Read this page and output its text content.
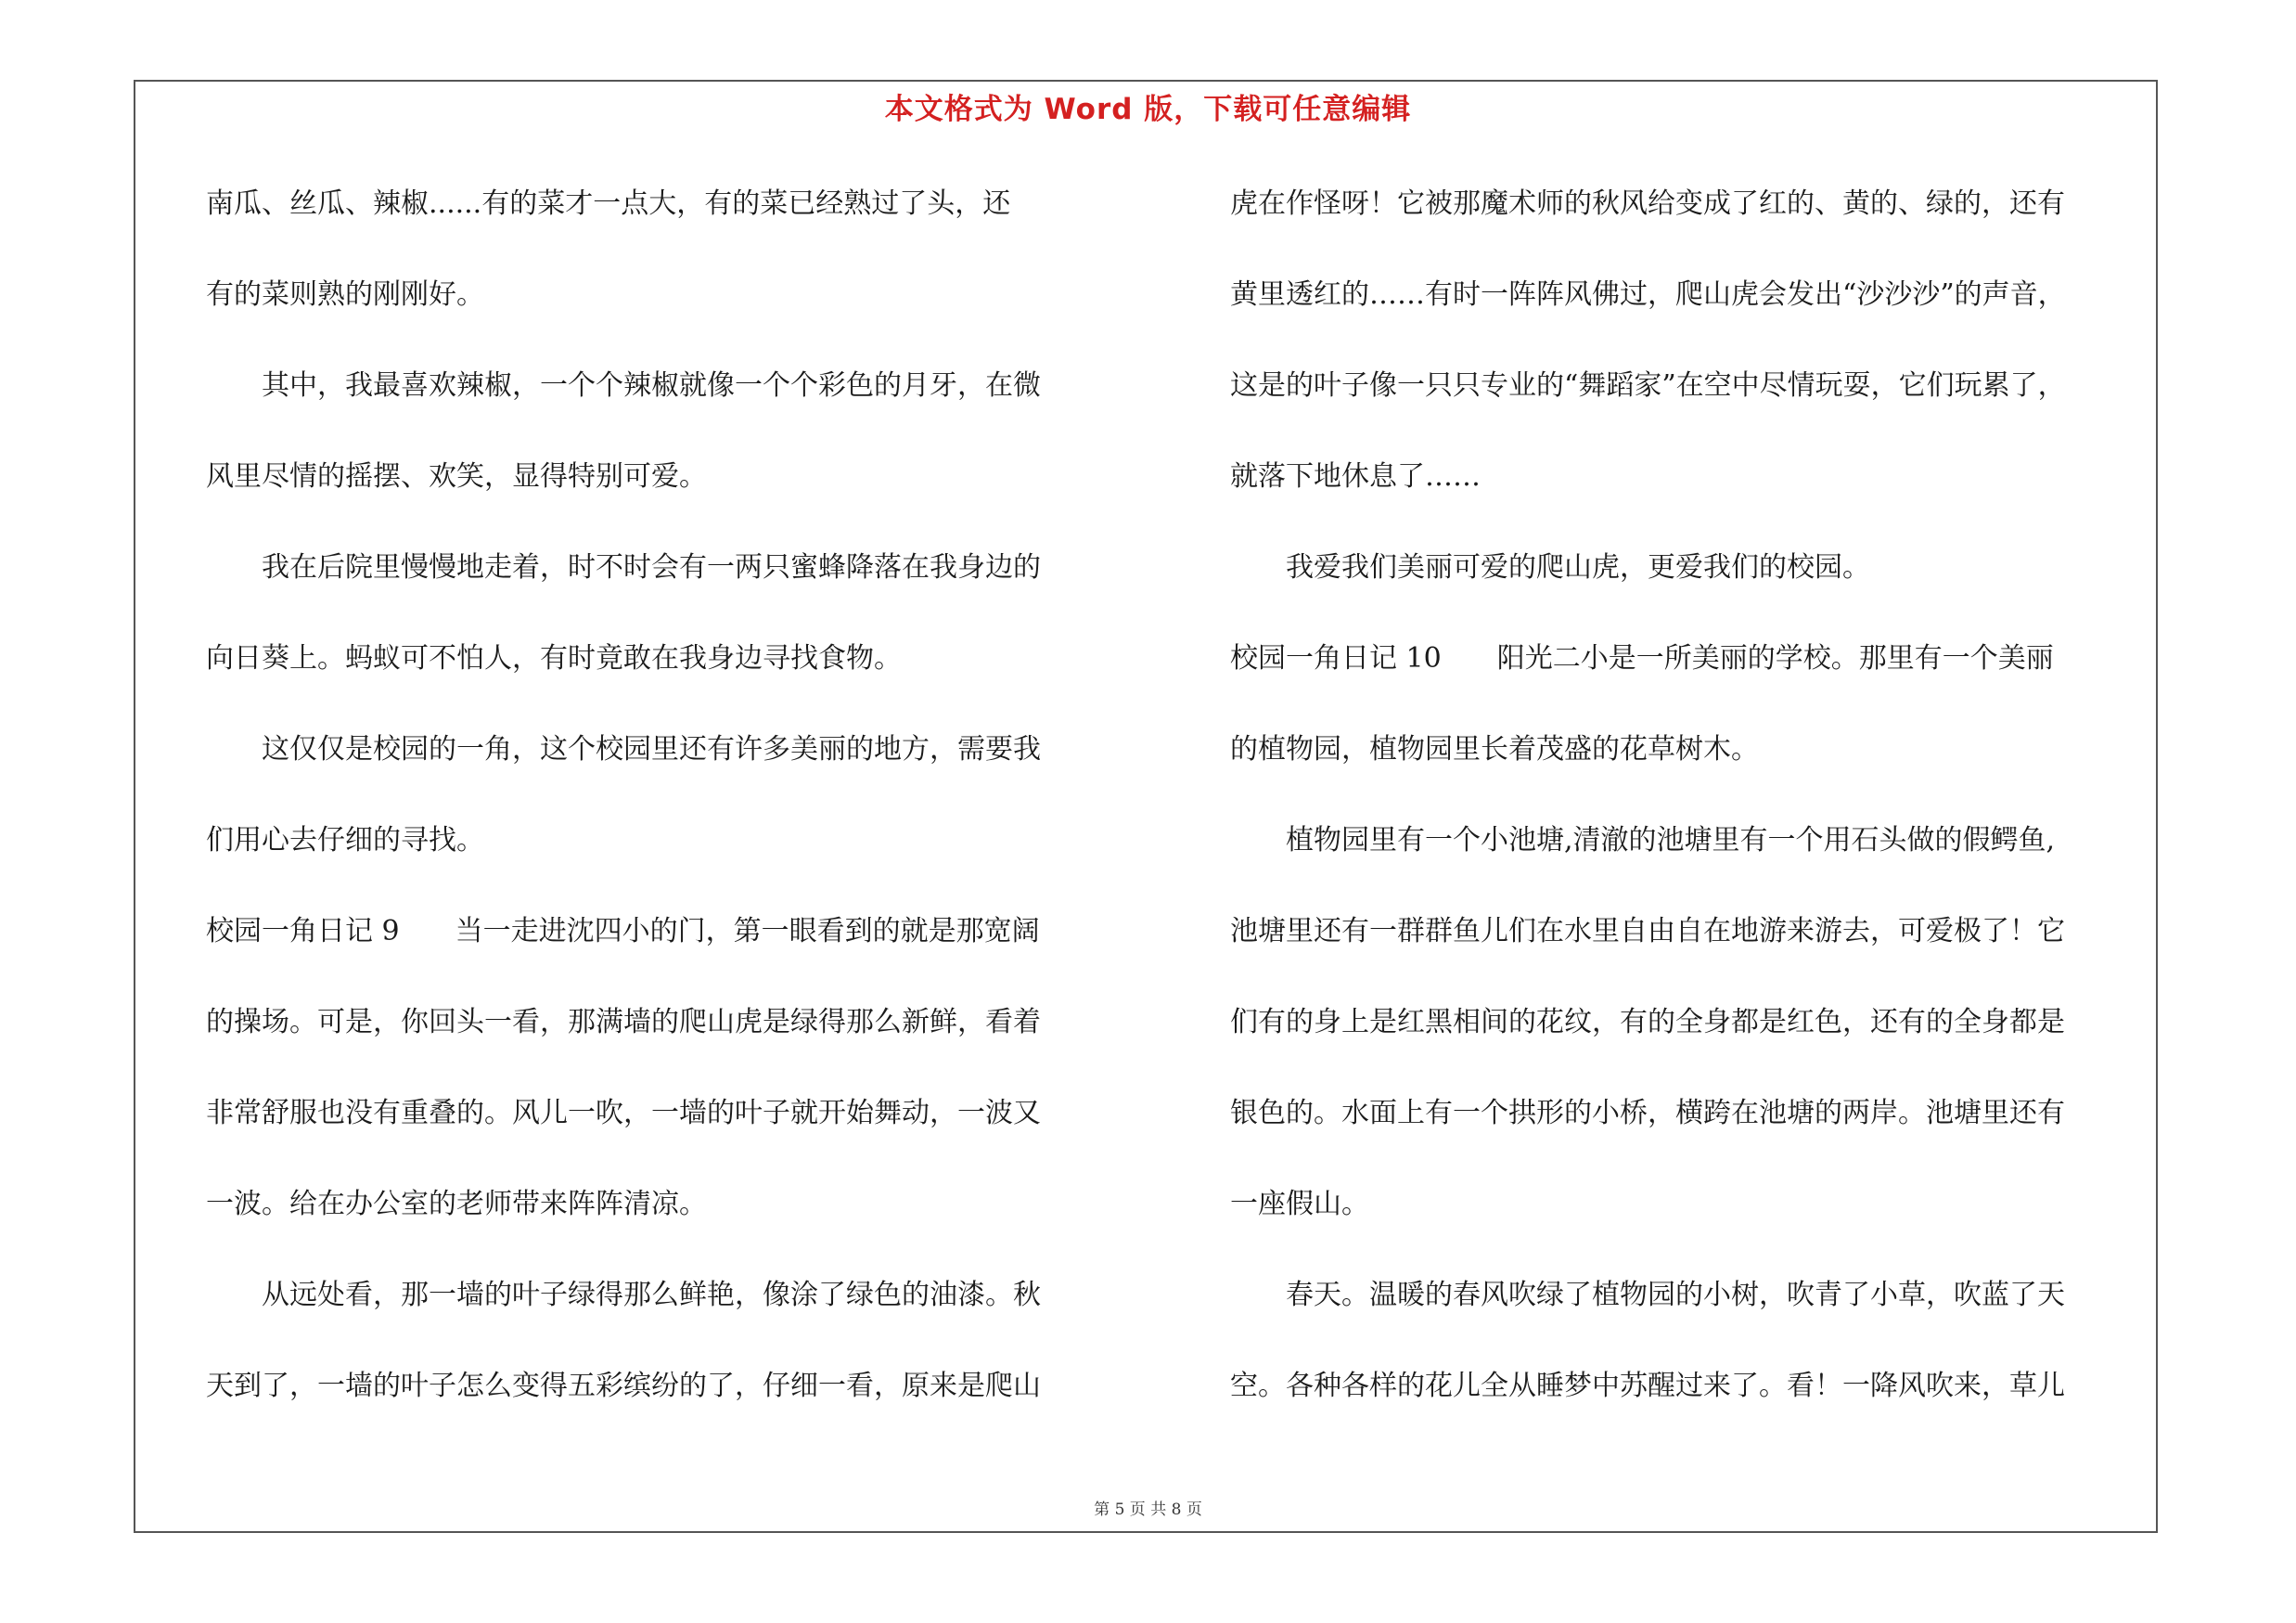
本文格式为 Word 版，下载可任意编辑
南瓜、丝瓜、辣椒......有的菜才一点大，有的菜已经熟过了头，还
有的菜则熟的刚刚好。
　　其中，我最喜欢辣椒，一个个辣椒就像一个个彩色的月牙，在微
风里尽情的摇摆、欢笑，显得特别可爱。
　　我在后院里慢慢地走着，时不时会有一两只蜜蜂降落在我身边的
向日葵上。蚂蚁可不怕人，有时竟敢在我身边寻找食物。
　　这仅仅是校园的一角，这个校园里还有许多美丽的地方，需要我
们用心去仔细的寻找。
校园一角日记 9　　当一走进沈四小的门，第一眼看到的就是那宽阔
的操场。可是，你回头一看，那满墙的爬山虎是绿得那么新鲜，看着
非常舒服也没有重叠的。风儿一吹，一墙的叶子就开始舞动，一波又
一波。给在办公室的老师带来阵阵清凉。
　　从远处看，那一墙的叶子绿得那么鲜艳，像涂了绿色的油漆。秋
天到了，一墙的叶子怎么变得五彩缤纷的了，仔细一看，原来是爬山
虎在作怪呀！它被那魔术师的秋风给变成了红的、黄的、绿的，还有
黄里透红的……有时一阵阵风佛过，爬山虎会发出“沙沙沙”的声音，
这是的叶子像一只只专业的“舞蹈家”在空中尽情玩耍，它们玩累了，
就落下地休息了……
　　我爱我们美丽可爱的爬山虎，更爱我们的校园。
校园一角日记 10　　阳光二小是一所美丽的学校。那里有一个美丽
的植物园，植物园里长着茂盛的花草树木。
　　植物园里有一个小池塘,清澈的池塘里有一个用石头做的假鳄鱼,
池塘里还有一群群鱼儿们在水里自由自在地游来游去，可爱极了！它
们有的身上是红黑相间的花纹，有的全身都是红色，还有的全身都是
银色的。水面上有一个拱形的小桥，横跨在池塘的两岸。池塘里还有
一座假山。
　　春天。温暖的春风吹绿了植物园的小树，吹青了小草，吹蓝了天
空。各种各样的花儿全从睡梦中苏醒过来了。看！一降风吹来，草儿
第 5 页 共 8 页
